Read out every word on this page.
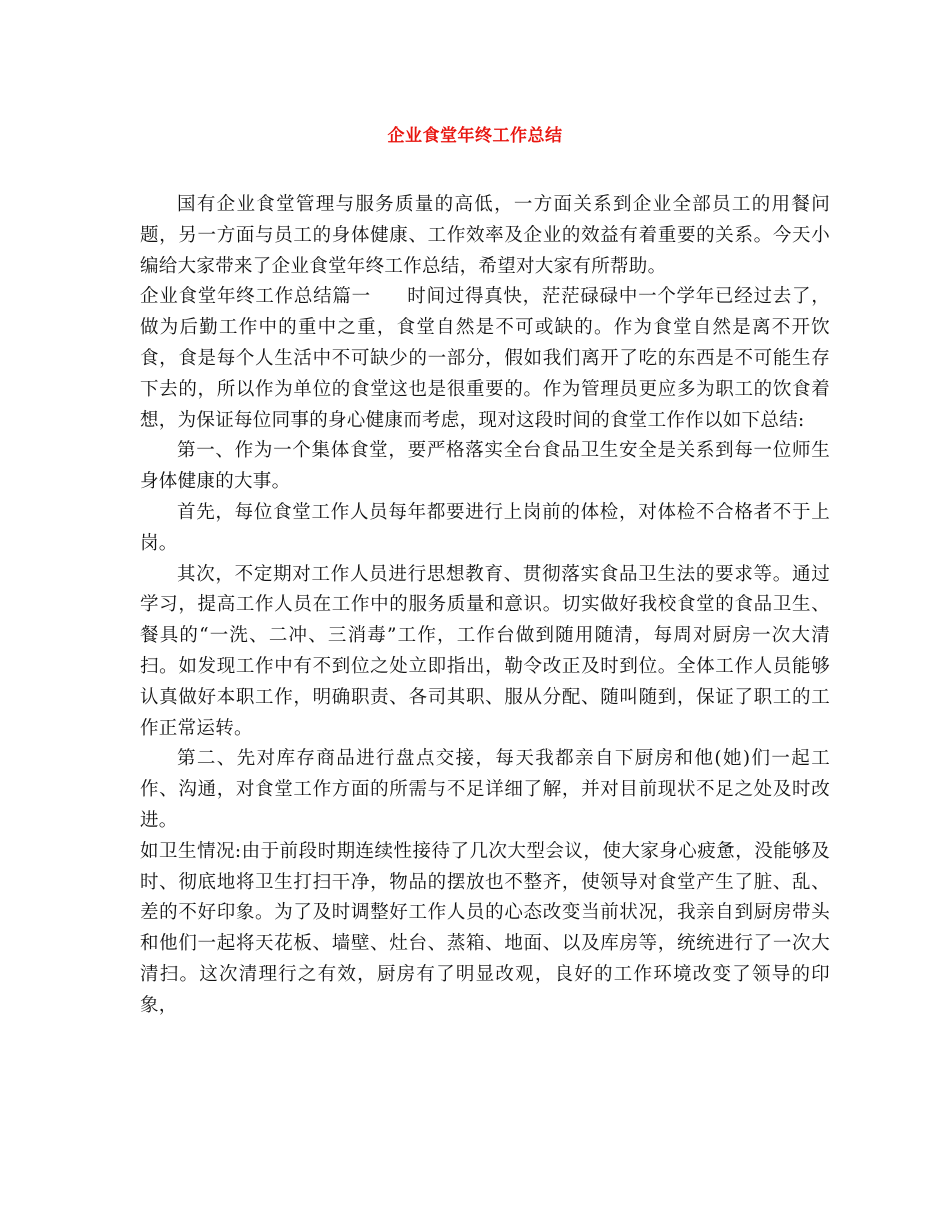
企业食堂年终工作总结

国有企业食堂管理与服务质量的高低，一方面关系到企业全部员工的用餐问题，另一方面与员工的身体健康、工作效率及企业的效益有着重要的关系。今天小编给大家带来了企业食堂年终工作总结，希望对大家有所帮助。

企业食堂年终工作总结篇一 时间过得真快，茫茫碌碌中一个学年已经过去了，做为后勤工作中的重中之重，食堂自然是不可或缺的。作为食堂自然是离不开饮食，食是每个人生活中不可缺少的一部分，假如我们离开了吃的东西是不可能生存下去的，所以作为单位的食堂这也是很重要的。作为管理员更应多为职工的饮食着想，为保证每位同事的身心健康而考虑，现对这段时间的食堂工作作以如下总结:

第一、作为一个集体食堂，要严格落实全台食品卫生安全是关系到每一位师生身体健康的大事。

首先，每位食堂工作人员每年都要进行上岗前的体检，对体检不合格者不于上岗。

其次，不定期对工作人员进行思想教育、贯彻落实食品卫生法的要求等。通过学习，提高工作人员在工作中的服务质量和意识。切实做好我校食堂的食品卫生、餐具的“一洗、二冲、三消毒”工作，工作台做到随用随清，每周对厨房一次大清扫。如发现工作中有不到位之处立即指出，勒令改正及时到位。全体工作人员能够认真做好本职工作，明确职责、各司其职、服从分配、随叫随到，保证了职工的工作正常运转。

第二、先对库存商品进行盘点交接，每天我都亲自下厨房和他(她)们一起工作、沟通，对食堂工作方面的所需与不足详细了解，并对目前现状不足之处及时改进。

如卫生情况:由于前段时期连续性接待了几次大型会议，使大家身心疲惫，没能够及时、彻底地将卫生打扫干净，物品的摆放也不整齐，使领导对食堂产生了脏、乱、差的不好印象。为了及时调整好工作人员的心态改变当前状况，我亲自到厨房带头和他们一起将天花板、墙壁、灶台、蒸箱、地面、以及库房等，统统进行了一次大清扫。这次清理行之有效，厨房有了明显改观，良好的工作环境改变了领导的印象，
